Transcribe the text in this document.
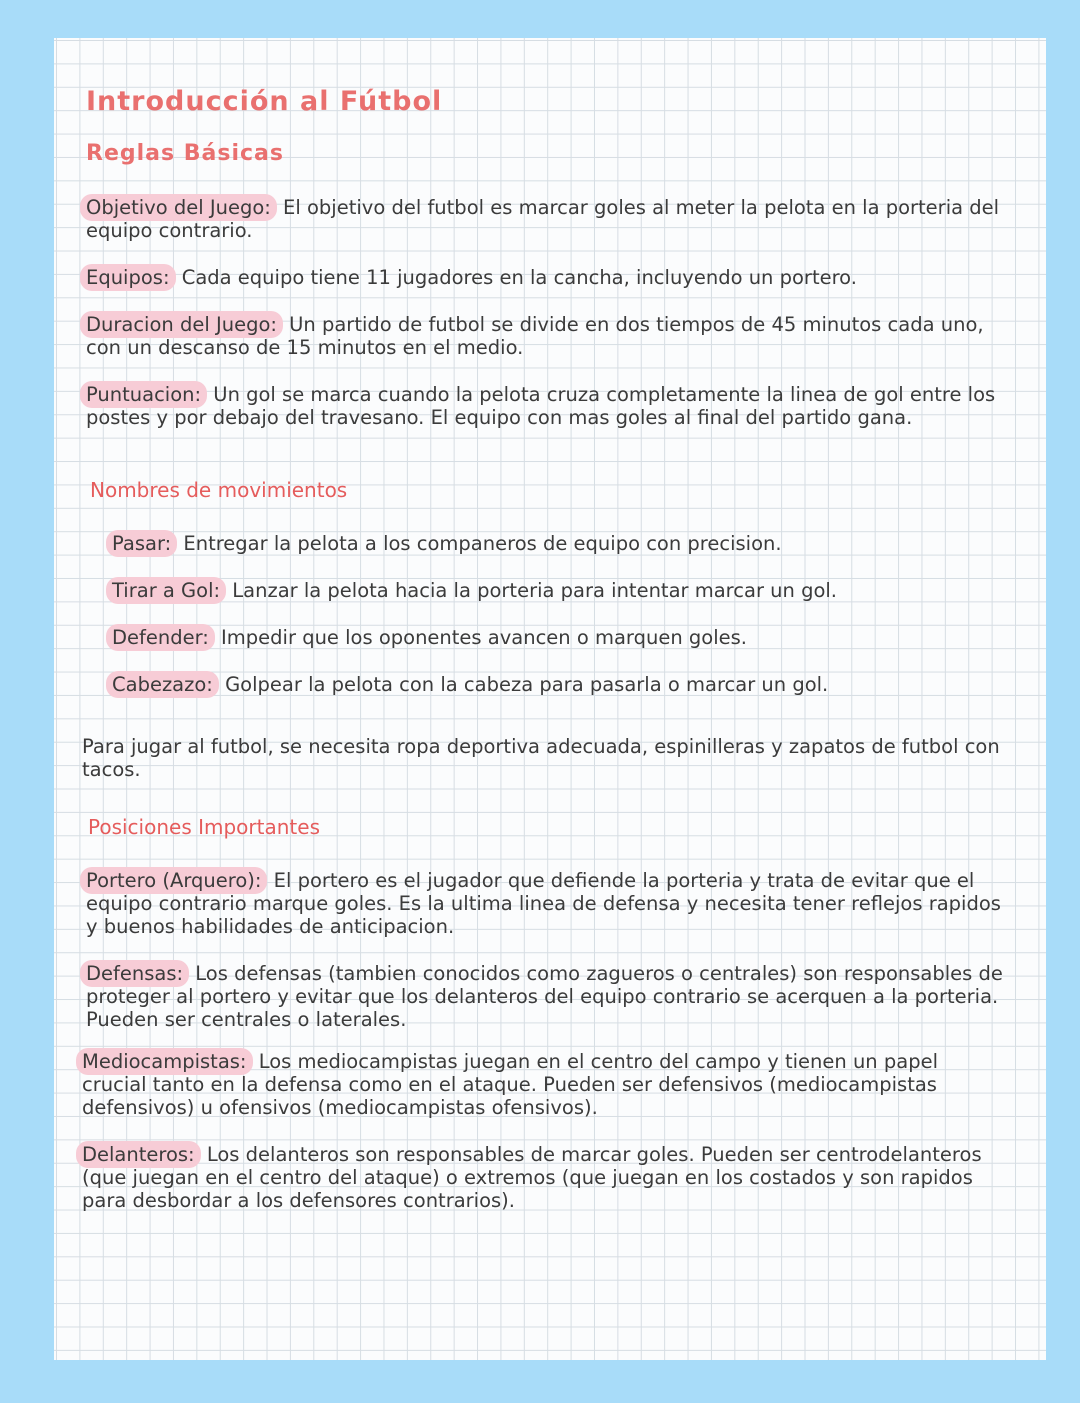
Introducción al Fútbol
Reglas Básicas
Objetivo del Juego: El objetivo del futbol es marcar goles al meter la pelota en la porteria del equipo contrario.
Equipos: Cada equipo tiene 11 jugadores en la cancha, incluyendo un portero.
Duracion del Juego: Un partido de futbol se divide en dos tiempos de 45 minutos cada uno, con un descanso de 15 minutos en el medio.
Puntuacion: Un gol se marca cuando la pelota cruza completamente la linea de gol entre los postes y por debajo del travesano. El equipo con mas goles al final del partido gana.
Nombres de movimientos
Pasar: Entregar la pelota a los companeros de equipo con precision.
Tirar a Gol: Lanzar la pelota hacia la porteria para intentar marcar un gol.
Defender: Impedir que los oponentes avancen o marquen goles.
Cabezazo: Golpear la pelota con la cabeza para pasarla o marcar un gol.
Para jugar al futbol, se necesita ropa deportiva adecuada, espinilleras y zapatos de futbol con tacos.
Posiciones Importantes
Portero (Arquero): El portero es el jugador que defiende la porteria y trata de evitar que el equipo contrario marque goles. Es la ultima linea de defensa y necesita tener reflejos rapidos y buenos habilidades de anticipacion.
Defensas: Los defensas (tambien conocidos como zagueros o centrales) son responsables de proteger al portero y evitar que los delanteros del equipo contrario se acerquen a la porteria. Pueden ser centrales o laterales.
Mediocampistas: Los mediocampistas juegan en el centro del campo y tienen un papel crucial tanto en la defensa como en el ataque. Pueden ser defensivos (mediocampistas defensivos) u ofensivos (mediocampistas ofensivos).
Delanteros: Los delanteros son responsables de marcar goles. Pueden ser centrodelanteros (que juegan en el centro del ataque) o extremos (que juegan en los costados y son rapidos para desbordar a los defensores contrarios).
